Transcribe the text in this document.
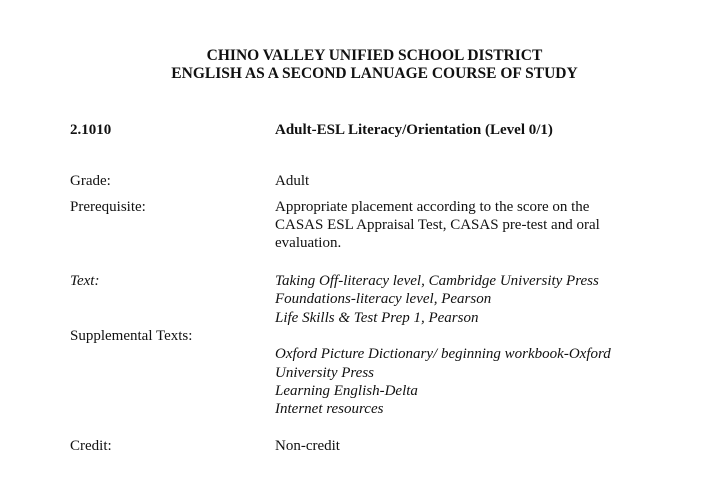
CHINO VALLEY UNIFIED SCHOOL DISTRICT
ENGLISH AS A SECOND LANUAGE COURSE OF STUDY
2.1010	Adult-ESL Literacy/Orientation (Level 0/1)
Grade:	Adult
Prerequisite:	Appropriate placement according to the score on the
CASAS ESL Appraisal Test, CASAS pre-test and oral
evaluation.
Text:	Taking Off-literacy level, Cambridge University Press
Foundations-literacy level, Pearson
Life Skills & Test Prep 1, Pearson
Supplemental Texts:
Oxford Picture Dictionary/ beginning workbook-Oxford
University Press
Learning English-Delta
Internet resources
Credit:	Non-credit
